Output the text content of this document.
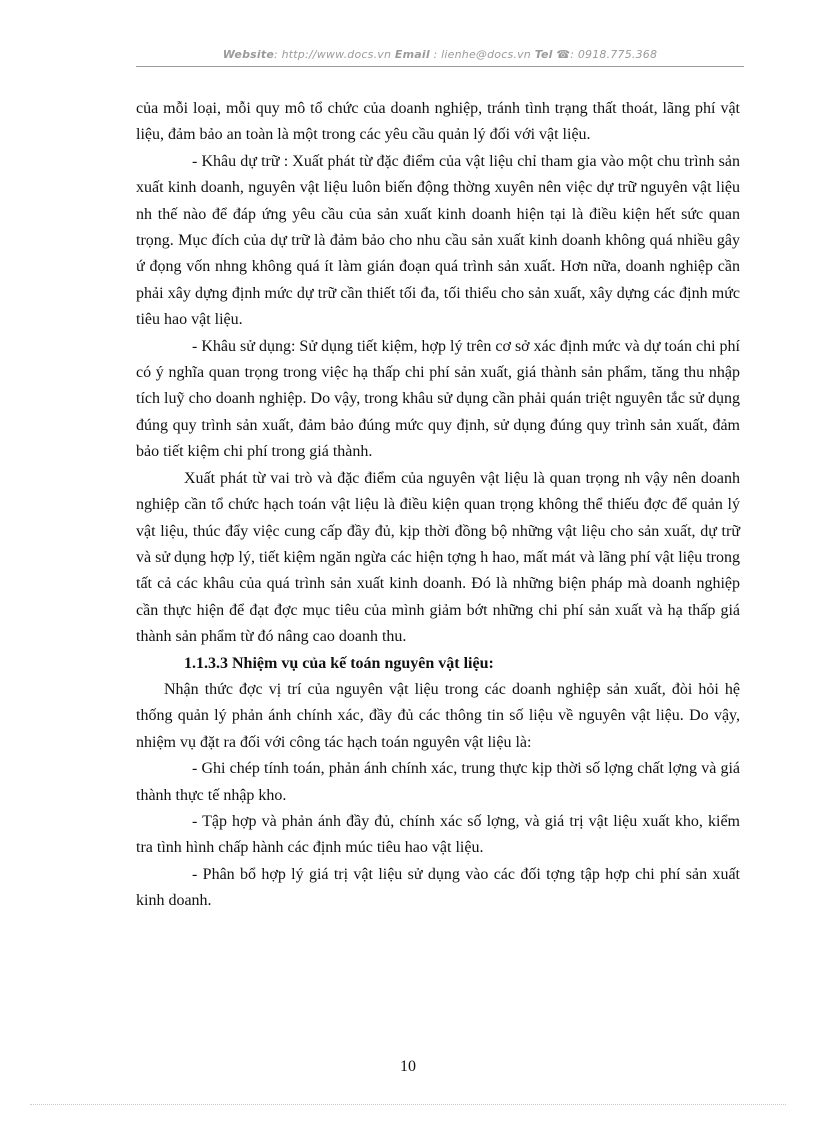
Website: http://www.docs.vn Email : lienhe@docs.vn Tel ☎: 0918.775.368

của mỗi loại, mỗi quy mô tổ chức của doanh nghiệp, tránh tình trạng thất thoát, lãng phí vật liệu, đảm bảo an toàn là một trong các yêu cầu quản lý đối với vật liệu.

- Khâu dự trữ : Xuất phát từ đặc điểm của vật liệu chỉ tham gia vào một chu trình sản xuất kinh doanh, nguyên vật liệu luôn biến động thờng xuyên nên việc dự trữ nguyên vật liệu nh thế nào để đáp ứng yêu cầu của sản xuất kinh doanh hiện tại là điều kiện hết sức quan trọng. Mục đích của dự trữ là đảm bảo cho nhu cầu sản xuất kinh doanh không quá nhiều gây ứ đọng vốn nhng không quá ít làm gián đoạn quá trình sản xuất. Hơn nữa, doanh nghiệp cần phải xây dựng định mức dự trữ cần thiết tối đa, tối thiểu cho sản xuất, xây dựng các định mức tiêu hao vật liệu.

- Khâu sử dụng: Sử dụng tiết kiệm, hợp lý trên cơ sở xác định mức và dự toán chi phí có ý nghĩa quan trọng trong việc hạ thấp chi phí sản xuất, giá thành sản phẩm, tăng thu nhập tích luỹ cho doanh nghiệp. Do vậy, trong khâu sử dụng cần phải quán triệt nguyên tắc sử dụng đúng quy trình sản xuất, đảm bảo đúng mức quy định, sử dụng đúng quy trình sản xuất, đảm bảo tiết kiệm chi phí trong giá thành.

Xuất phát từ vai trò và đặc điểm của nguyên vật liệu là quan trọng nh vậy nên doanh nghiệp cần tổ chức hạch toán vật liệu là điều kiện quan trọng không thể thiếu đợc để quản lý vật liệu, thúc đẩy việc cung cấp đầy đủ, kịp thời đồng bộ những vật liệu cho sản xuất, dự trữ và sử dụng hợp lý, tiết kiệm ngăn ngừa các hiện tợng h hao, mất mát và lãng phí vật liệu trong tất cả các khâu của quá trình sản xuất kinh doanh. Đó là những biện pháp mà doanh nghiệp cần thực hiện để đạt đợc mục tiêu của mình giảm bớt những chi phí sản xuất và hạ thấp giá thành sản phẩm từ đó nâng cao doanh thu.

1.1.3.3 Nhiệm vụ của kế toán nguyên vật liệu:

Nhận thức đợc vị trí của nguyên vật liệu trong các doanh nghiệp sản xuất, đòi hỏi hệ thống quản lý phản ánh chính xác, đầy đủ các thông tin số liệu về nguyên vật liệu. Do vậy, nhiệm vụ đặt ra đối với công tác hạch toán nguyên vật liệu là:

- Ghi chép tính toán, phản ánh chính xác, trung thực kịp thời số lợng chất lợng và giá thành thực tế nhập kho.

- Tập hợp và phản ánh đầy đủ, chính xác số lợng, và giá trị vật liệu xuất kho, kiểm tra tình hình chấp hành các định múc tiêu hao vật liệu.

- Phân bổ hợp lý giá trị vật liệu sử dụng vào các đối tợng tập hợp chi phí sản xuất kinh doanh.

10
